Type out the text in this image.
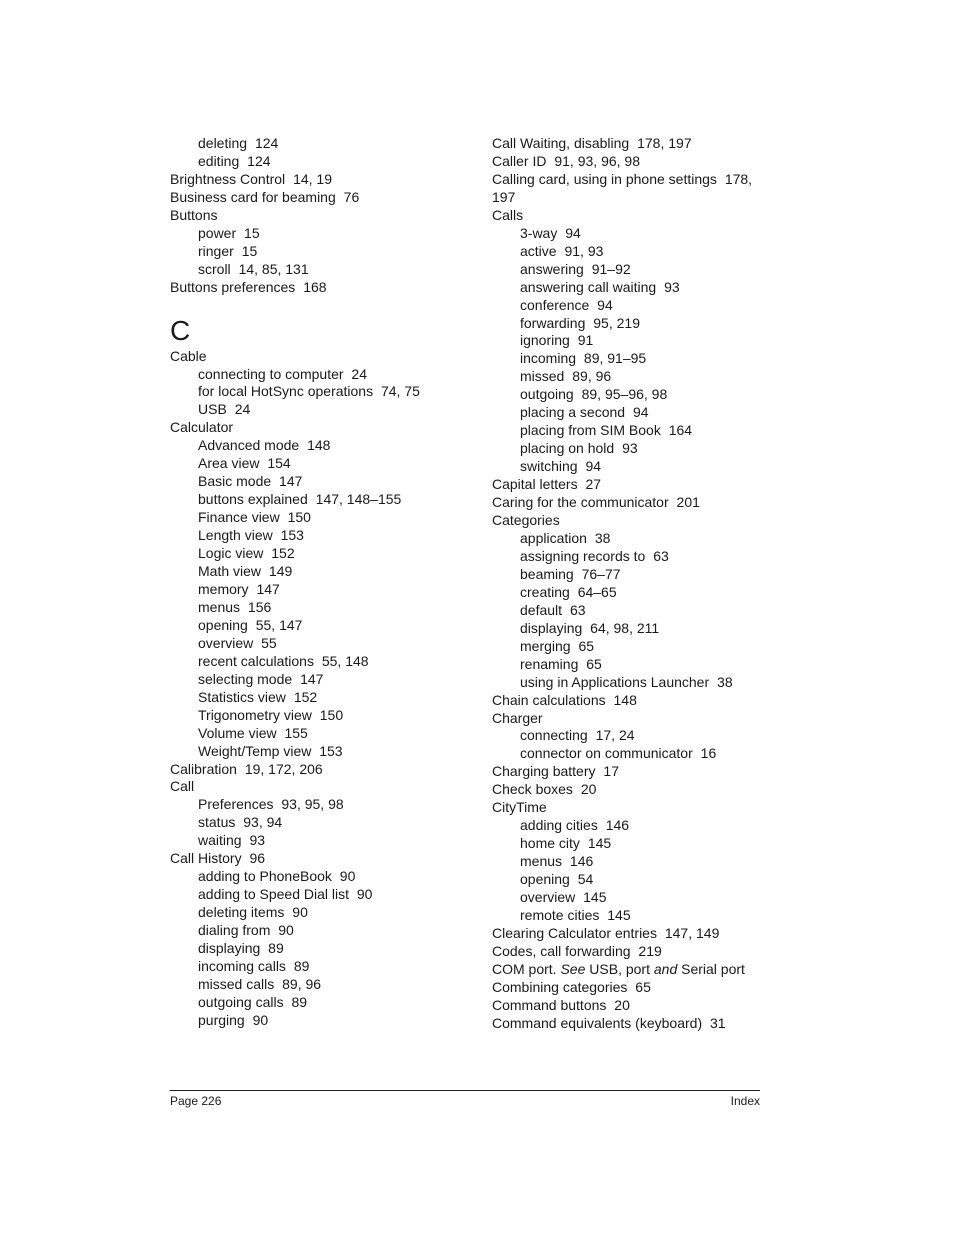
deleting 124
editing 124
Brightness Control 14, 19
Business card for beaming 76
Buttons
power 15
ringer 15
scroll 14, 85, 131
Buttons preferences 168
C
Cable
connecting to computer 24
for local HotSync operations 74, 75
USB 24
Calculator
Advanced mode 148
Area view 154
Basic mode 147
buttons explained 147, 148–155
Finance view 150
Length view 153
Logic view 152
Math view 149
memory 147
menus 156
opening 55, 147
overview 55
recent calculations 55, 148
selecting mode 147
Statistics view 152
Trigonometry view 150
Volume view 155
Weight/Temp view 153
Calibration 19, 172, 206
Call
Preferences 93, 95, 98
status 93, 94
waiting 93
Call History 96
adding to PhoneBook 90
adding to Speed Dial list 90
deleting items 90
dialing from 90
displaying 89
incoming calls 89
missed calls 89, 96
outgoing calls 89
purging 90
Call Waiting, disabling 178, 197
Caller ID 91, 93, 96, 98
Calling card, using in phone settings 178, 197
Calls
3-way 94
active 91, 93
answering 91–92
answering call waiting 93
conference 94
forwarding 95, 219
ignoring 91
incoming 89, 91–95
missed 89, 96
outgoing 89, 95–96, 98
placing a second 94
placing from SIM Book 164
placing on hold 93
switching 94
Capital letters 27
Caring for the communicator 201
Categories
application 38
assigning records to 63
beaming 76–77
creating 64–65
default 63
displaying 64, 98, 211
merging 65
renaming 65
using in Applications Launcher 38
Chain calculations 148
Charger
connecting 17, 24
connector on communicator 16
Charging battery 17
Check boxes 20
CityTime
adding cities 146
home city 145
menus 146
opening 54
overview 145
remote cities 145
Clearing Calculator entries 147, 149
Codes, call forwarding 219
COM port. See USB, port and Serial port
Combining categories 65
Command buttons 20
Command equivalents (keyboard) 31
Page 226	Index
